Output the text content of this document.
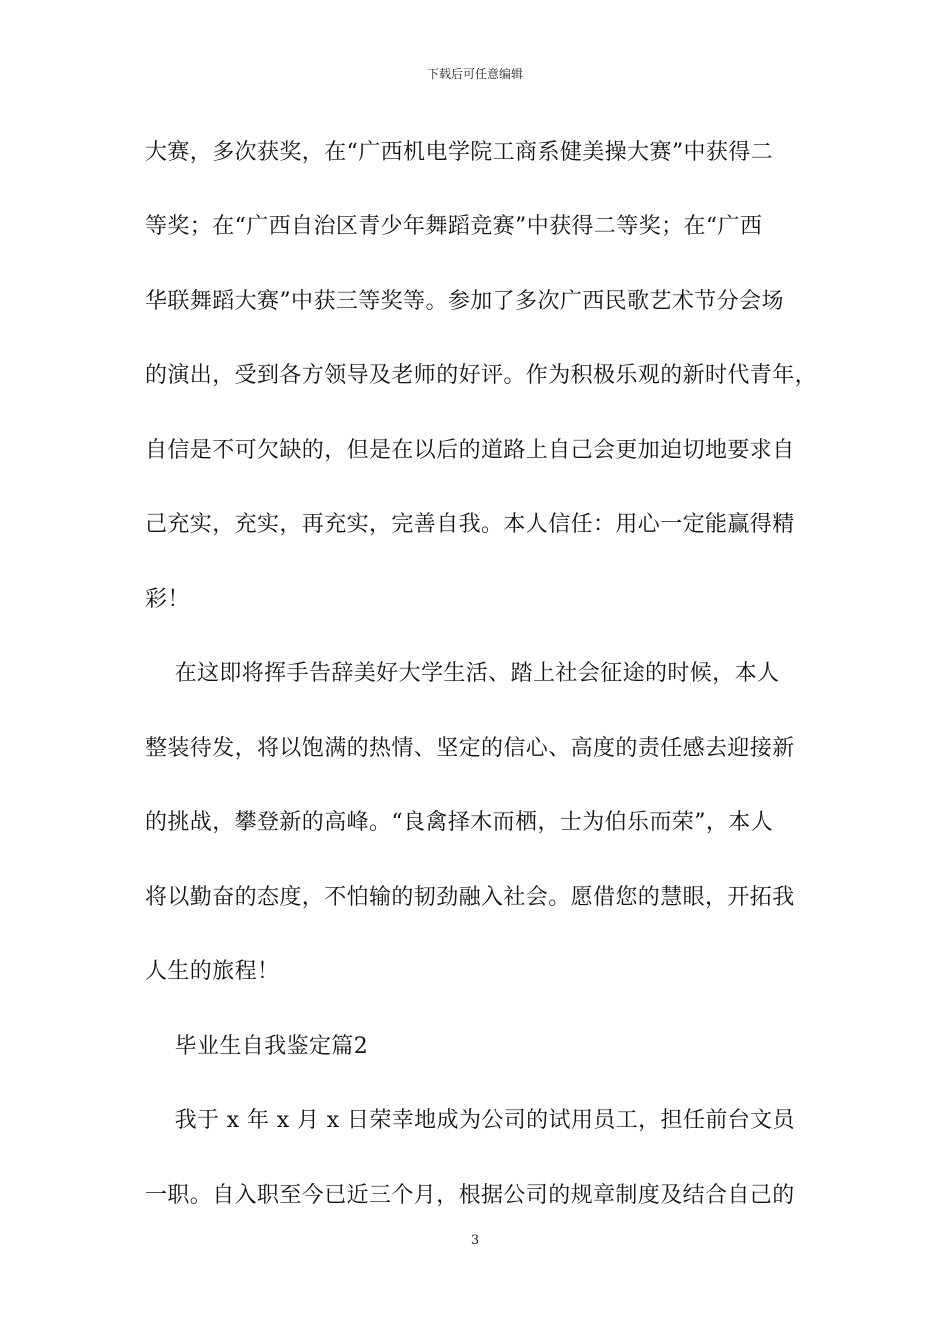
下载后可任意编辑
大赛，多次获奖，在“广西机电学院工商系健美操大赛”中获得二
等奖；在“广西自治区青少年舞蹈竞赛”中获得二等奖；在“广西
华联舞蹈大赛”中获三等奖等。参加了多次广西民歌艺术节分会场
的演出，受到各方领导及老师的好评。作为积极乐观的新时代青年，
自信是不可欠缺的，但是在以后的道路上自己会更加迫切地要求自
己充实，充实，再充实，完善自我。本人信任：用心一定能赢得精
彩！
在这即将挥手告辞美好大学生活、踏上社会征途的时候，本人
整装待发，将以饱满的热情、坚定的信心、高度的责任感去迎接新
的挑战，攀登新的高峰。“良禽择木而栖，士为伯乐而荣”，本人
将以勤奋的态度，不怕输的韧劲融入社会。愿借您的慧眼，开拓我
人生的旅程！
毕业生自我鉴定篇2
我于 x 年 x 月 x 日荣幸地成为公司的试用员工，担任前台文员
一职。自入职至今已近三个月，根据公司的规章制度及结合自己的
3
